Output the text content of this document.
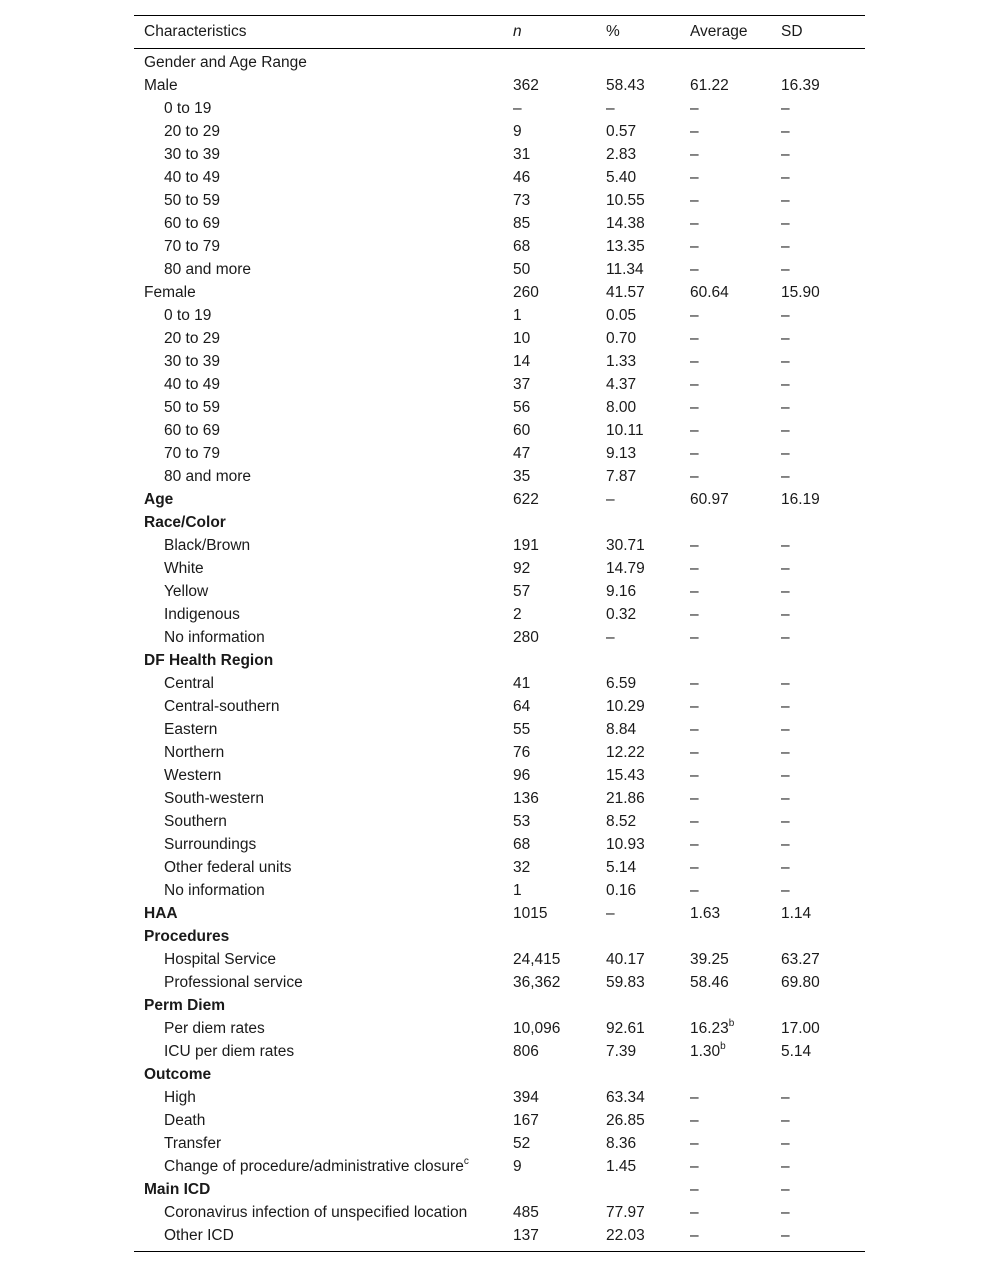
Characteristics	n	%	Average	SD
Gender and Age Range				
Male	362	58.43	61.22	16.39
0 to 19	–	–	–	–
20 to 29	9	0.57	–	–
30 to 39	31	2.83	–	–
40 to 49	46	5.40	–	–
50 to 59	73	10.55	–	–
60 to 69	85	14.38	–	–
70 to 79	68	13.35	–	–
80 and more	50	11.34	–	–
Female	260	41.57	60.64	15.90
0 to 19	1	0.05	–	–
20 to 29	10	0.70	–	–
30 to 39	14	1.33	–	–
40 to 49	37	4.37	–	–
50 to 59	56	8.00	–	–
60 to 69	60	10.11	–	–
70 to 79	47	9.13	–	–
80 and more	35	7.87	–	–
Age	622	–	60.97	16.19
Race/Color				
Black/Brown	191	30.71	–	–
White	92	14.79	–	–
Yellow	57	9.16	–	–
Indigenous	2	0.32	–	–
No information	280	–	–	–
DF Health Region				
Central	41	6.59	–	–
Central-southern	64	10.29	–	–
Eastern	55	8.84	–	–
Northern	76	12.22	–	–
Western	96	15.43	–	–
South-western	136	21.86	–	–
Southern	53	8.52	–	–
Surroundings	68	10.93	–	–
Other federal units	32	5.14	–	–
No information	1	0.16	–	–
HAA	1015	–	1.63	1.14
Procedures				
Hospital Service	24,415	40.17	39.25	63.27
Professional service	36,362	59.83	58.46	69.80
Perm Diem				
Per diem rates	10,096	92.61	16.23$^b$	17.00
ICU per diem rates	806	7.39	1.30$^b$	5.14
Outcome				
High	394	63.34	–	–
Death	167	26.85	–	–
Transfer	52	8.36	–	–
Change of procedure/administrative closure$^c$	9	1.45	–	–
Main ICD			–	–
Coronavirus infection of unspecified location	485	77.97	–	–
Other ICD	137	22.03	–	–
